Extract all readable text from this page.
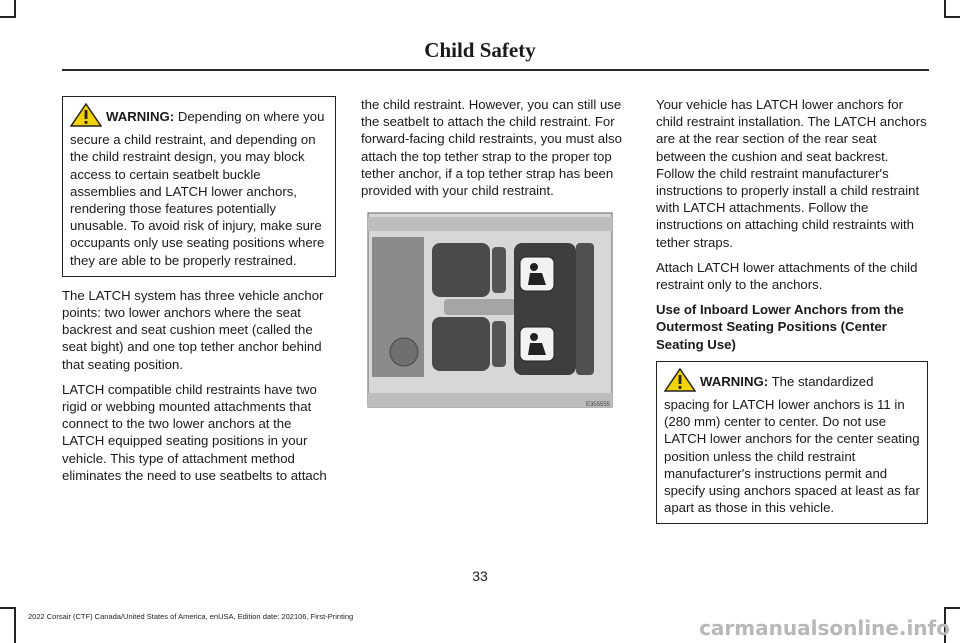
Child Safety
WARNING: Depending on where you secure a child restraint, and depending on the child restraint design, you may block access to certain seatbelt buckle assemblies and LATCH lower anchors, rendering those features potentially unusable. To avoid risk of injury, make sure occupants only use seating positions where they are able to be properly restrained.

The LATCH system has three vehicle anchor points: two lower anchors where the seat backrest and seat cushion meet (called the seat bight) and one top tether anchor behind that seating position.

LATCH compatible child restraints have two rigid or webbing mounted attachments that connect to the two lower anchors at the LATCH equipped seating positions in your vehicle. This type of attachment method eliminates the need to use seatbelts to attach

the child restraint. However, you can still use the seatbelt to attach the child restraint. For forward-facing child restraints, you must also attach the top tether strap to the proper top tether anchor, if a top tether strap has been provided with your child restraint.

E355555

Your vehicle has LATCH lower anchors for child restraint installation. The LATCH anchors are at the rear section of the rear seat between the cushion and seat backrest. Follow the child restraint manufacturer's instructions to properly install a child restraint with LATCH attachments. Follow the instructions on attaching child restraints with tether straps.

Attach LATCH lower attachments of the child restraint only to the anchors.

Use of Inboard Lower Anchors from the Outermost Seating Positions (Center Seating Use)

WARNING: The standardized spacing for LATCH lower anchors is 11 in (280 mm) center to center. Do not use LATCH lower anchors for the center seating position unless the child restraint manufacturer's instructions permit and specify using anchors spaced at least as far apart as those in this vehicle.
33
2022 Corsair (CTF) Canada/United States of America, enUSA, Edition date: 202106, First-Printing	carmanualsonline.info
